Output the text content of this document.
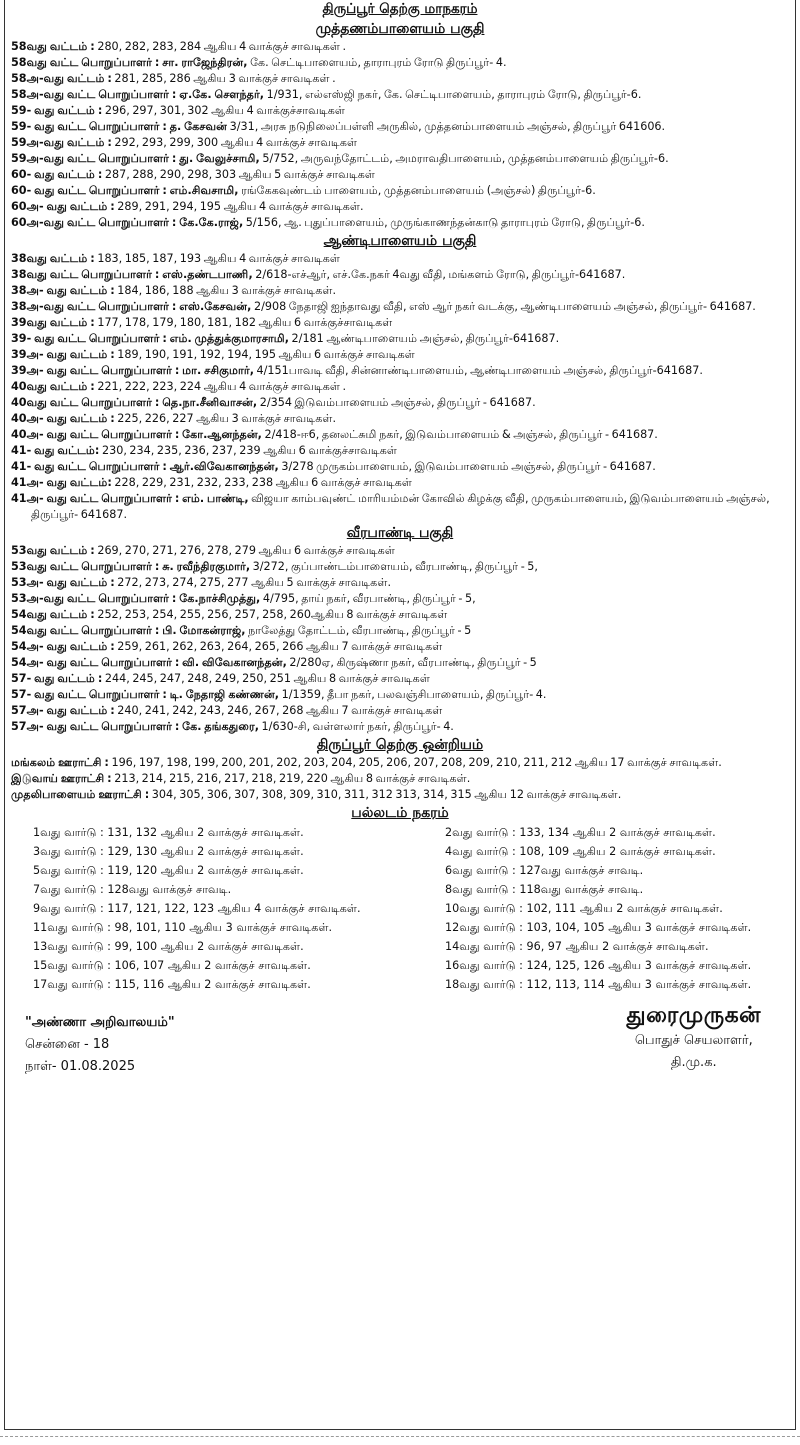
திருப்பூர் தெற்கு மாநகரம்
முத்தணம்பாளையம் பகுதி
58வது வட்டம் : 280, 282, 283, 284 ஆகிய 4 வாக்குச் சாவடிகள் .
58வது வட்ட பொறுப்பாளர் : சா. ராஜேந்திரன், கே. செட்டிபாளையம், தாராபுரம் ரோடு திருப்பூர்- 4.
58அ-வது வட்டம் : 281, 285, 286 ஆகிய 3 வாக்குச் சாவடிகள் .
58அ-வது வட்ட பொறுப்பாளர் : ஏ.கே. சௌந்தர், 1/931, எல்எஸ்ஜி நகர், கே. செட்டிபாளையம், தாராபுரம் ரோடு, திருப்பூர்-6.
59- வது வட்டம் : 296, 297, 301, 302 ஆகிய 4 வாக்குச்சாவடிகள்
59- வது வட்ட பொறுப்பாளர் : த. கேசவன் 3/31, அரசு நடுநிலைப்பள்ளி அருகில், முத்தனம்பாளையம் அஞ்சல், திருப்பூர் 641606.
59அ-வது வட்டம் : 292, 293, 299, 300 ஆகிய 4 வாக்குச் சாவடிகள்
59அ-வது வட்ட பொறுப்பாளர் : து. வேலுச்சாமி, 5/752, அருவந்தோட்டம், அமராவதிபாளையம், முத்தனம்பாளையம் திருப்பூர்-6.
60- வது வட்டம் : 287, 288, 290, 298, 303 ஆகிய 5 வாக்குச் சாவடிகள்
60- வது வட்ட பொறுப்பாளர் : எம்.சிவசாமி, ரங்கேகவுண்டம் பாளையம், முத்தனம்பாளையம் (அஞ்சல்) திருப்பூர்-6.
60அ- வது வட்டம் : 289, 291, 294, 195 ஆகிய 4 வாக்குச் சாவடிகள்.
60அ-வது வட்ட பொறுப்பாளர் : கே.கே.ராஜ், 5/156, ஆ. புதுப்பாளையம், முருங்காணந்தன்காடு தாராபுரம் ரோடு, திருப்பூர்-6.
ஆண்டிபாளையம் பகுதி
38வது வட்டம் : 183, 185, 187, 193 ஆகிய 4 வாக்குச் சாவடிகள்
38வது வட்ட பொறுப்பாளர் : எஸ்.தண்டபாணி, 2/618-எச்ஆர், எச்.கே.நகர் 4வது வீதி, மங்களம் ரோடு, திருப்பூர்-641687.
38அ- வது வட்டம் : 184, 186, 188 ஆகிய 3 வாக்குச் சாவடிகள்.
38அ-வது வட்ட பொறுப்பாளர் : எஸ்.கேசவன், 2/908 நேதாஜி ஐந்தாவது வீதி, எஸ் ஆர் நகர் வடக்கு, ஆண்டிபாளையம் அஞ்சல், திருப்பூர்- 641687.
39வது வட்டம் : 177, 178, 179, 180, 181, 182 ஆகிய 6 வாக்குச்சாவடிகள்
39- வது வட்ட பொறுப்பாளர் : எம். முத்துக்குமாரசாமி, 2/181 ஆண்டிபாளையம் அஞ்சல், திருப்பூர்-641687.
39அ- வது வட்டம் : 189, 190, 191, 192, 194, 195 ஆகிய 6 வாக்குச் சாவடிகள்
39அ- வது வட்ட பொறுப்பாளர் : மா. சசிகுமார், 4/151பாவடி வீதி, சின்னாண்டிபாளையம், ஆண்டிபாளையம் அஞ்சல், திருப்பூர்-641687.
40வது வட்டம் : 221, 222, 223, 224 ஆகிய 4 வாக்குச் சாவடிகள் .
40வது வட்ட பொறுப்பாளர் : தெ.நா.சீனிவாசன், 2/354 இடுவம்பாளையம் அஞ்சல், திருப்பூர் - 641687.
40அ- வது வட்டம் : 225, 226, 227 ஆகிய 3 வாக்குச் சாவடிகள்.
40அ- வது வட்ட பொறுப்பாளர் : கோ.ஆனந்தன், 2/418-ஈ6, தனலட்சுமி நகர், இடுவம்பாளையம் & அஞ்சல், திருப்பூர் - 641687.
41- வது வட்டம்: 230, 234, 235, 236, 237, 239 ஆகிய 6 வாக்குச்சாவடிகள்
41- வது வட்ட பொறுப்பாளர் : ஆர்.விவேகானந்தன், 3/278 முருகம்பாளையம், இடுவம்பாளையம் அஞ்சல், திருப்பூர் - 641687.
41அ- வது வட்டம்: 228, 229, 231, 232, 233, 238 ஆகிய 6 வாக்குச் சாவடிகள்
41அ- வது வட்ட பொறுப்பாளர் : எம். பாண்டி, விஜயா காம்பவுண்ட் மாரியம்மன் கோவில் கிழக்கு வீதி, முருகம்பாளையம், இடுவம்பாளையம் அஞ்சல், திருப்பூர்- 641687.
வீரபாண்டி பகுதி
53வது வட்டம் : 269, 270, 271, 276, 278, 279 ஆகிய 6 வாக்குச் சாவடிகள்
53வது வட்ட பொறுப்பாளர் : சு. ரவீந்திரகுமார், 3/272, குப்பாண்டம்பாளையம், வீரபாண்டி, திருப்பூர் - 5,
53அ- வது வட்டம் : 272, 273, 274, 275, 277 ஆகிய 5 வாக்குச் சாவடிகள்.
53அ-வது வட்ட பொறுப்பாளர் : கே.நாச்சிமுத்து, 4/795, தாய் நகர், வீரபாண்டி, திருப்பூர் - 5,
54வது வட்டம் : 252, 253, 254, 255, 256, 257, 258, 260ஆகிய 8 வாக்குச் சாவடிகள்
54வது வட்ட பொறுப்பாளர் : பி. மோகன்ராஜ், நாலேத்து தோட்டம், வீரபாண்டி, திருப்பூர் - 5
54அ- வது வட்டம் : 259, 261, 262, 263, 264, 265, 266 ஆகிய 7 வாக்குச் சாவடிகள்
54அ- வது வட்ட பொறுப்பாளர் : வி. விவேகானந்தன், 2/280ஏ, கிருஷ்ணா நகர், வீரபாண்டி, திருப்பூர் - 5
57- வது வட்டம் : 244, 245, 247, 248, 249, 250, 251 ஆகிய 8 வாக்குச் சாவடிகள்
57- வது வட்ட பொறுப்பாளர் : டி. நேதாஜி கண்ணன், 1/1359, தீபா நகர், பலவஞ்சிபாளையம், திருப்பூர்- 4.
57அ- வது வட்டம் : 240, 241, 242, 243, 246, 267, 268 ஆகிய 7 வாக்குச் சாவடிகள்
57அ- வது வட்ட பொறுப்பாளர் : கே. தங்கதுரை, 1/630-சி, வள்ளலார் நகர், திருப்பூர்- 4.
திருப்பூர் தெற்கு ஒன்றியம்
மங்கலம் ஊராட்சி : 196, 197, 198, 199, 200, 201, 202, 203, 204, 205, 206, 207, 208, 209, 210, 211, 212 ஆகிய 17 வாக்குச் சாவடிகள்.
இடுவாய் ஊராட்சி : 213, 214, 215, 216, 217, 218, 219, 220 ஆகிய 8 வாக்குச் சாவடிகள்.
முதலிபாளையம் ஊராட்சி : 304, 305, 306, 307, 308, 309, 310, 311, 312 313, 314, 315 ஆகிய 12 வாக்குச் சாவடிகள்.
பல்லடம் நகரம்
1வது வார்டு : 131, 132 ஆகிய 2 வாக்குச் சாவடிகள்.	2வது வார்டு : 133, 134 ஆகிய 2 வாக்குச் சாவடிகள்.
3வது வார்டு : 129, 130 ஆகிய 2 வாக்குச் சாவடிகள்.	4வது வார்டு : 108, 109 ஆகிய 2 வாக்குச் சாவடிகள்.
5வது வார்டு : 119, 120 ஆகிய 2 வாக்குச் சாவடிகள்.	6வது வார்டு : 127வது வாக்குச் சாவடி.
7வது வார்டு : 128வது வாக்குச் சாவடி.	8வது வார்டு : 118வது வாக்குச் சாவடி.
9வது வார்டு : 117, 121, 122, 123 ஆகிய 4 வாக்குச் சாவடிகள்.	10வது வார்டு : 102, 111 ஆகிய 2 வாக்குச் சாவடிகள்.
11வது வார்டு : 98, 101, 110 ஆகிய 3 வாக்குச் சாவடிகள்.	12வது வார்டு : 103, 104, 105 ஆகிய 3 வாக்குச் சாவடிகள்.
13வது வார்டு : 99, 100 ஆகிய 2 வாக்குச் சாவடிகள்.	14வது வார்டு : 96, 97 ஆகிய 2 வாக்குச் சாவடிகள்.
15வது வார்டு : 106, 107 ஆகிய 2 வாக்குச் சாவடிகள்.	16வது வார்டு : 124, 125, 126 ஆகிய 3 வாக்குச் சாவடிகள்.
17வது வார்டு : 115, 116 ஆகிய 2 வாக்குச் சாவடிகள்.	18வது வார்டு : 112, 113, 114 ஆகிய 3 வாக்குச் சாவடிகள்.
"அண்ணா அறிவாலயம்"
சென்னை - 18
நாள்- 01.08.2025
துரைமுருகன்
பொதுச் செயலாளர்,
தி.மு.க.
